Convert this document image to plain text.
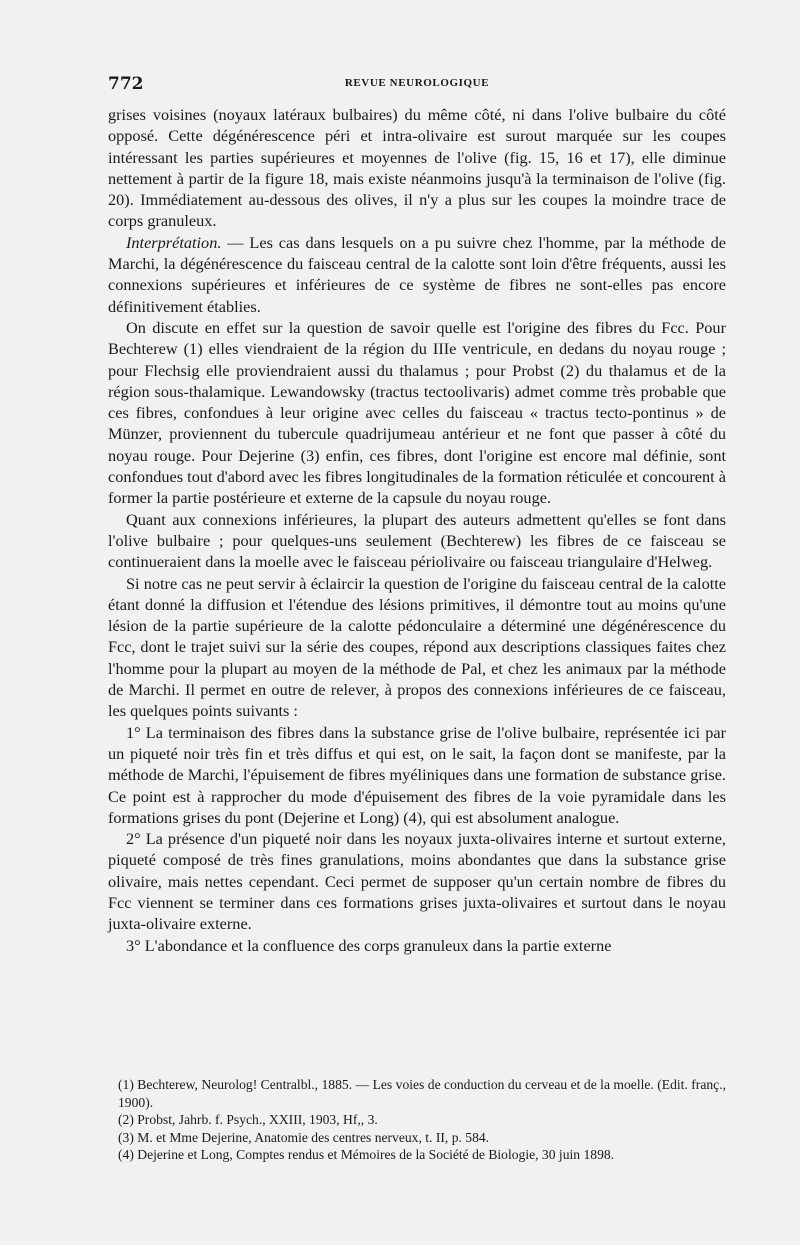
772	REVUE NEUROLOGIQUE

grises voisines (noyaux latéraux bulbaires) du même côté, ni dans l'olive bulbaire du côté opposé. Cette dégénérescence péri et intra-olivaire est surout marquée sur les coupes intéressant les parties supérieures et moyennes de l'olive (fig. 15, 16 et 17), elle diminue nettement à partir de la figure 18, mais existe néanmoins jusqu'à la terminaison de l'olive (fig. 20). Immédiatement au-dessous des olives, il n'y a plus sur les coupes la moindre trace de corps granuleux.

Interprétation. — Les cas dans lesquels on a pu suivre chez l'homme, par la méthode de Marchi, la dégénérescence du faisceau central de la calotte sont loin d'être fréquents, aussi les connexions supérieures et inférieures de ce système de fibres ne sont-elles pas encore définitivement établies.

On discute en effet sur la question de savoir quelle est l'origine des fibres du Fcc. Pour Bechterew (1) elles viendraient de la région du IIIe ventricule, en dedans du noyau rouge ; pour Flechsig elle proviendraient aussi du thalamus ; pour Probst (2) du thalamus et de la région sous-thalamique. Lewandowsky (tractus tectoolivaris) admet comme très probable que ces fibres, confondues à leur origine avec celles du faisceau « tractus tecto-pontinus » de Münzer, proviennent du tubercule quadrijumeau antérieur et ne font que passer à côté du noyau rouge. Pour Dejerine (3) enfin, ces fibres, dont l'origine est encore mal définie, sont confondues tout d'abord avec les fibres longitudinales de la formation réticulée et concourent à former la partie postérieure et externe de la capsule du noyau rouge.

Quant aux connexions inférieures, la plupart des auteurs admettent qu'elles se font dans l'olive bulbaire ; pour quelques-uns seulement (Bechterew) les fibres de ce faisceau se continueraient dans la moelle avec le faisceau périolivaire ou faisceau triangulaire d'Helweg.

Si notre cas ne peut servir à éclaircir la question de l'origine du faisceau central de la calotte étant donné la diffusion et l'étendue des lésions primitives, il démontre tout au moins qu'une lésion de la partie supérieure de la calotte pédonculaire a déterminé une dégénérescence du Fcc, dont le trajet suivi sur la série des coupes, répond aux descriptions classiques faites chez l'homme pour la plupart au moyen de la méthode de Pal, et chez les animaux par la méthode de Marchi. Il permet en outre de relever, à propos des connexions inférieures de ce faisceau, les quelques points suivants :

1° La terminaison des fibres dans la substance grise de l'olive bulbaire, représentée ici par un piqueté noir très fin et très diffus et qui est, on le sait, la façon dont se manifeste, par la méthode de Marchi, l'épuisement de fibres myéliniques dans une formation de substance grise. Ce point est à rapprocher du mode d'épuisement des fibres de la voie pyramidale dans les formations grises du pont (Dejerine et Long) (4), qui est absolument analogue.

2° La présence d'un piqueté noir dans les noyaux juxta-olivaires interne et surtout externe, piqueté composé de très fines granulations, moins abondantes que dans la substance grise olivaire, mais nettes cependant. Ceci permet de supposer qu'un certain nombre de fibres du Fcc viennent se terminer dans ces formations grises juxta-olivaires et surtout dans le noyau juxta-olivaire externe.

3° L'abondance et la confluence des corps granuleux dans la partie externe

(1) Bechterew, Neurolog! Centralbl., 1885. — Les voies de conduction du cerveau et de la moelle. (Edit. franç., 1900).

(2) Probst, Jahrb. f. Psych., XXIII, 1903, Hf,, 3.

(3) M. et Mme Dejerine, Anatomie des centres nerveux, t. II, p. 584.

(4) Dejerine et Long, Comptes rendus et Mémoires de la Société de Biologie, 30 juin 1898.
